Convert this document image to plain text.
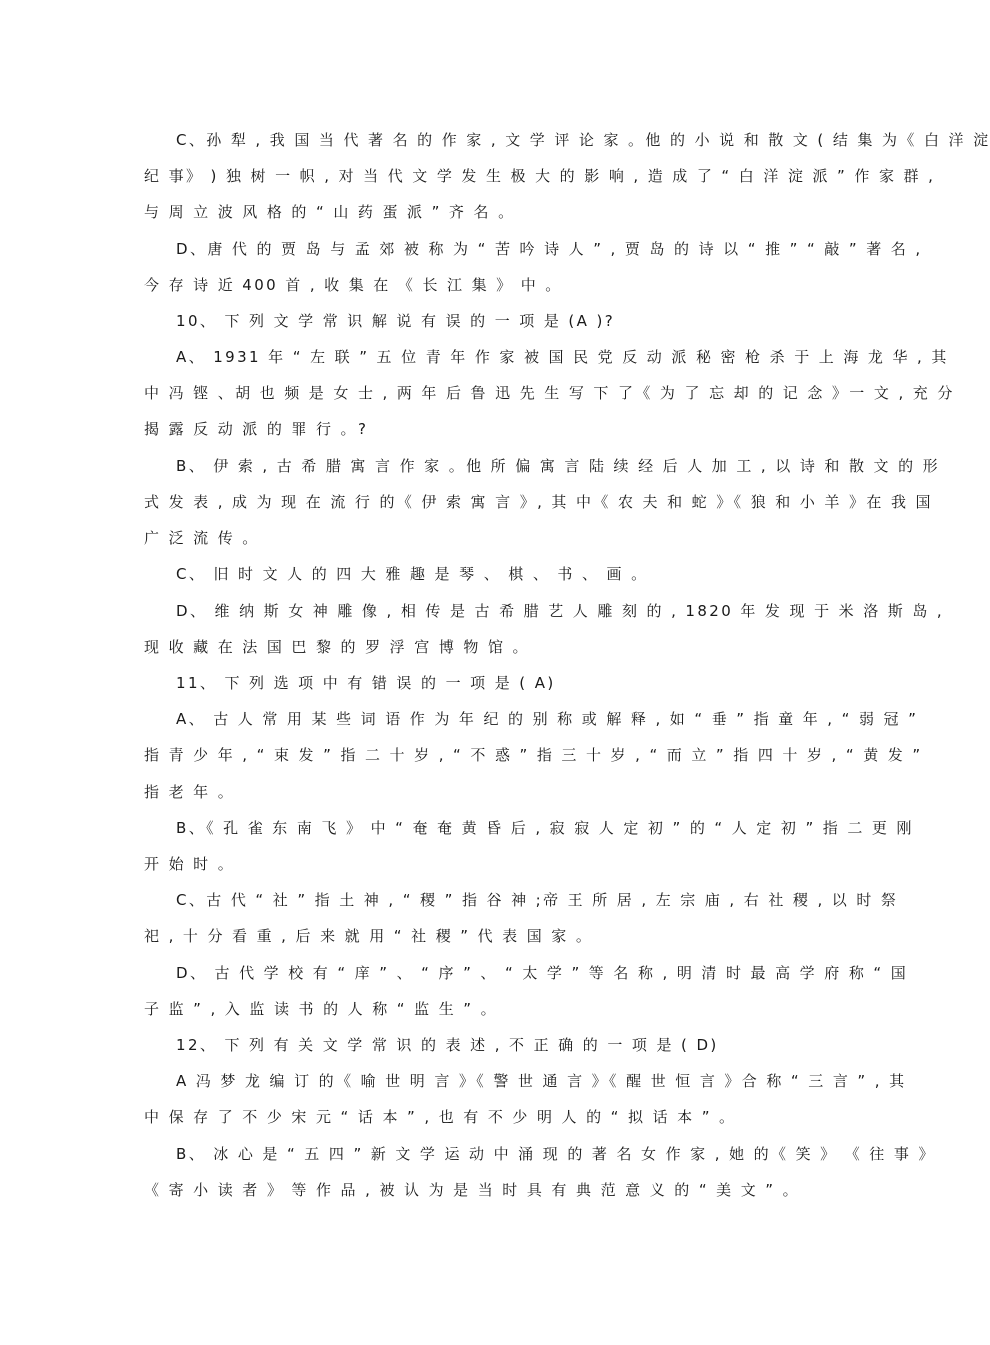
C、孙 犁 , 我 国 当 代 著 名 的 作 家 , 文 学 评 论 家 。他 的 小 说 和 散 文 ( 结 集 为《 白 洋 淀
纪 事》 ) 独 树 一 帜 , 对 当 代 文 学 发 生 极 大 的 影 响 , 造 成 了 “ 白 洋 淀 派 ” 作 家 群 ,
与 周 立 波 风 格 的 “ 山 药 蛋 派 ” 齐 名 。
D、唐 代 的 贾 岛 与 孟 郊 被 称 为 “ 苦 吟 诗 人 ” , 贾 岛 的 诗 以 “ 推 ” “ 敲 ” 著 名 ,
今 存 诗 近 400 首 , 收 集 在 《 长 江 集 》 中 。
10、 下 列 文 学 常 识 解 说 有 误 的 一 项 是 (A )?
A、 1931 年 “ 左 联 ” 五 位 青 年 作 家 被 国 民 党 反 动 派 秘 密 枪 杀 于 上 海 龙 华 , 其
中 冯 铿 、胡 也 频 是 女 士 , 两 年 后 鲁 迅 先 生 写 下 了《 为 了 忘 却 的 记 念 》一 文 , 充 分
揭 露 反 动 派 的 罪 行 。?
B、 伊 索 , 古 希 腊 寓 言 作 家 。他 所 偏 寓 言 陆 续 经 后 人 加 工 , 以 诗 和 散 文 的 形
式 发 表 , 成 为 现 在 流 行 的《 伊 索 寓 言 》, 其 中《 农 夫 和 蛇 》《 狼 和 小 羊 》在 我 国
广 泛 流 传 。
C、 旧 时 文 人 的 四 大 雅 趣 是 琴 、 棋 、 书 、 画 。
D、 维 纳 斯 女 神 雕 像 , 相 传 是 古 希 腊 艺 人 雕 刻 的 , 1820 年 发 现 于 米 洛 斯 岛 ,
现 收 藏 在 法 国 巴 黎 的 罗 浮 宫 博 物 馆 。
11、 下 列 选 项 中 有 错 误 的 一 项 是 ( A)
A、 古 人 常 用 某 些 词 语 作 为 年 纪 的 别 称 或 解 释 , 如 “ 垂 ” 指 童 年 , “ 弱 冠 ”
指 青 少 年 , “ 束 发 ” 指 二 十 岁 , “ 不 惑 ” 指 三 十 岁 , “ 而 立 ” 指 四 十 岁 , “ 黄 发 ”
指 老 年 。
B、《 孔 雀 东 南 飞 》 中 “ 奄 奄 黄 昏 后 , 寂 寂 人 定 初 ” 的 “ 人 定 初 ” 指 二 更 刚
开 始 时 。
C、古 代 “ 社 ” 指 土 神 , “ 稷 ” 指 谷 神 ;帝 王 所 居 , 左 宗 庙 , 右 社 稷 , 以 时 祭
祀 , 十 分 看 重 , 后 来 就 用 “ 社 稷 ” 代 表 国 家 。
D、 古 代 学 校 有 “ 庠 ” 、 “ 序 ” 、 “ 太 学 ” 等 名 称 , 明 清 时 最 高 学 府 称 “ 国
子 监 ” , 入 监 读 书 的 人 称 “ 监 生 ” 。
12、 下 列 有 关 文 学 常 识 的 表 述 , 不 正 确 的 一 项 是 ( D)
A 冯 梦 龙 编 订 的《 喻 世 明 言 》《 警 世 通 言 》《 醒 世 恒 言 》合 称 “ 三 言 ” , 其
中 保 存 了 不 少 宋 元 “ 话 本 ” , 也 有 不 少 明 人 的 “ 拟 话 本 ” 。
B、 冰 心 是 “ 五 四 ” 新 文 学 运 动 中 涌 现 的 著 名 女 作 家 , 她 的《 笑 》 《 往 事 》
《 寄 小 读 者 》 等 作 品 , 被 认 为 是 当 时 具 有 典 范 意 义 的 “ 美 文 ” 。
